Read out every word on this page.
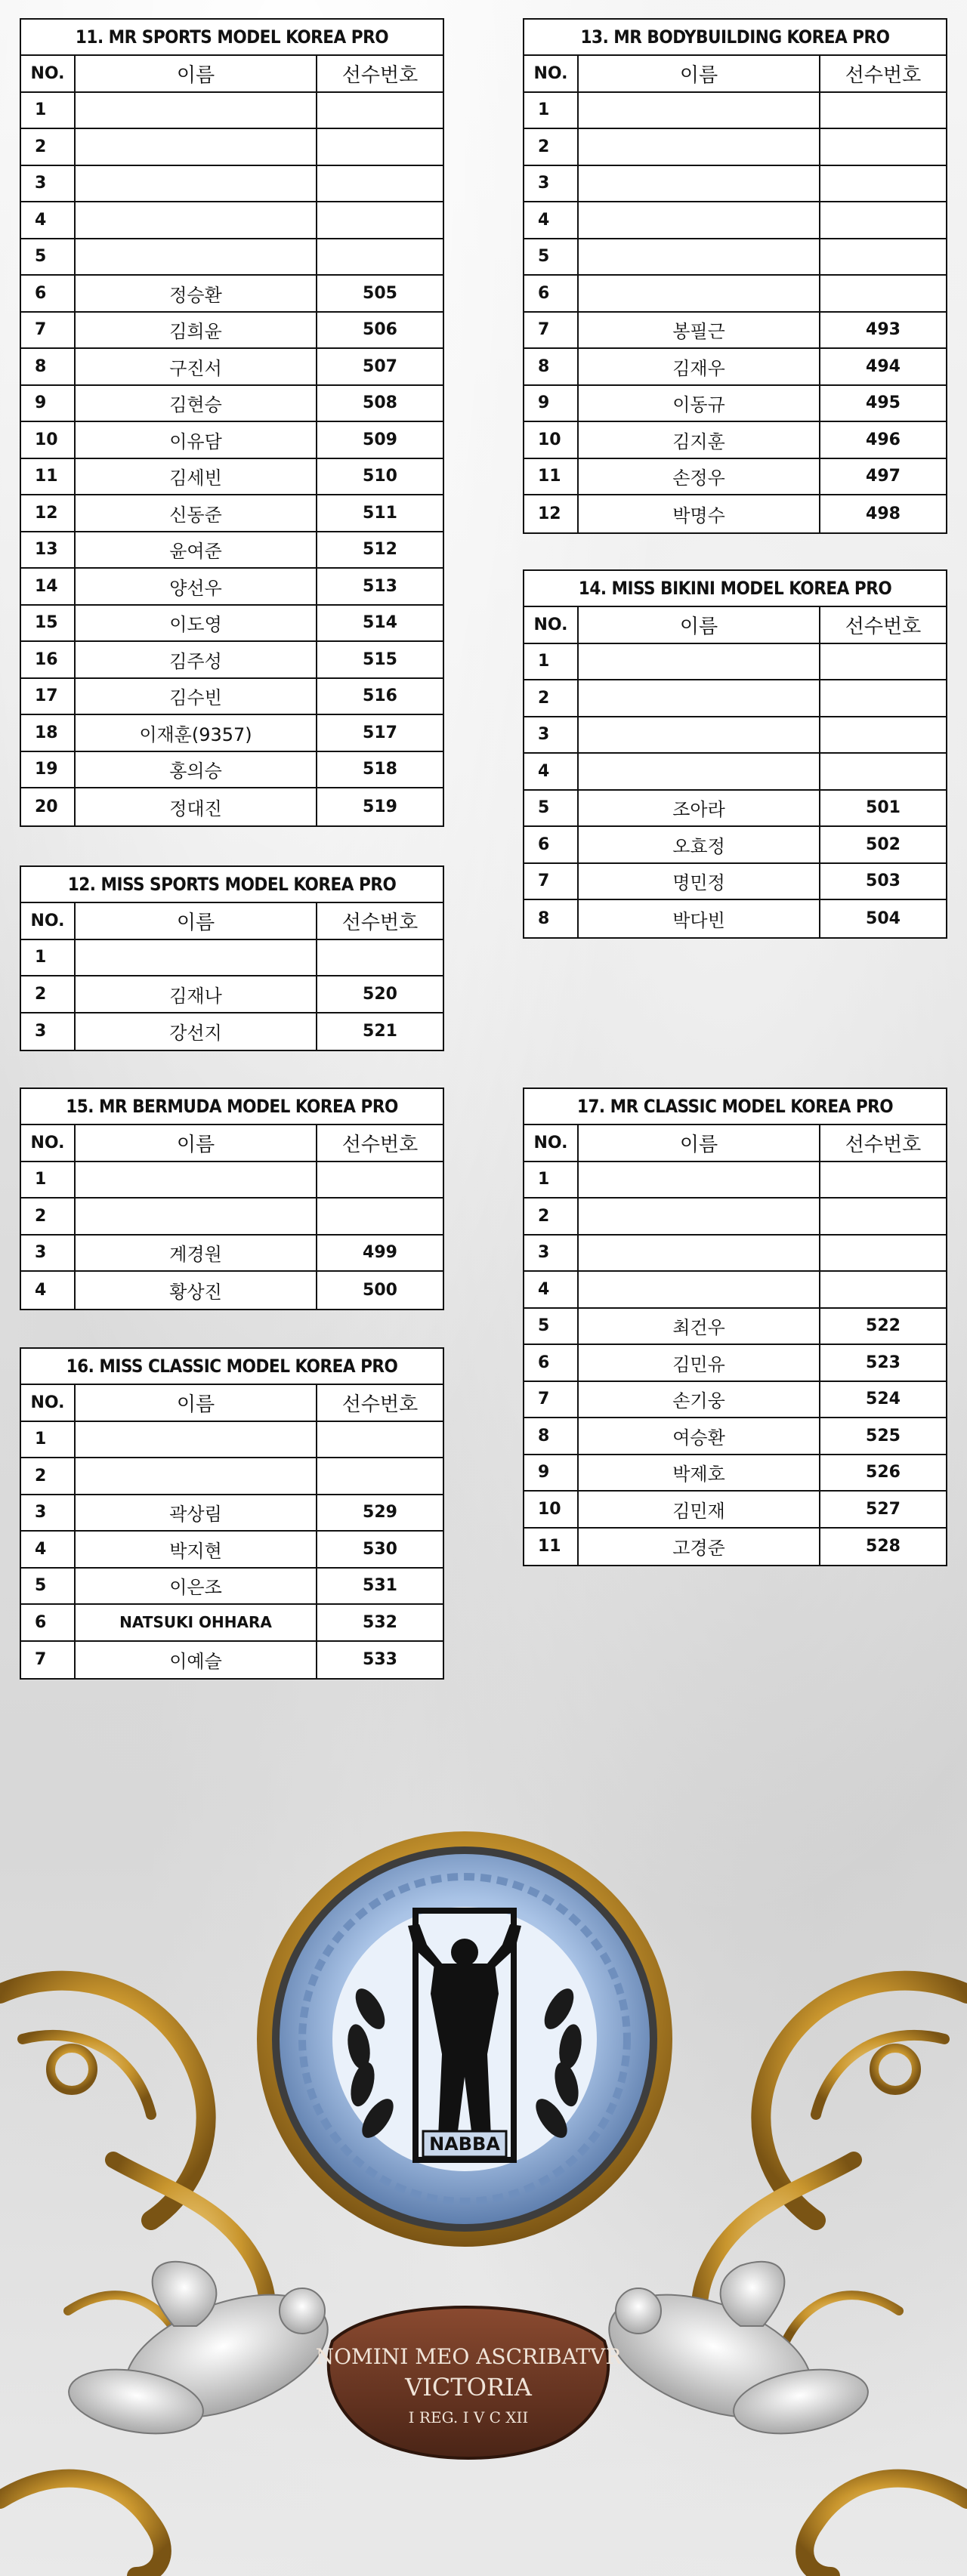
11. MR SPORTS MODEL KOREA PRO
NO.	이름	선수번호
1
2
3
4
5
6	정승환	505
7	김희윤	506
8	구진서	507
9	김현승	508
10	이유담	509
11	김세빈	510
12	신동준	511
13	윤여준	512
14	양선우	513
15	이도영	514
16	김주성	515
17	김수빈	516
18	이재훈(9357)	517
19	홍의승	518
20	정대진	519
12. MISS SPORTS MODEL KOREA PRO
NO.	이름	선수번호
1
2	김재나	520
3	강선지	521
13. MR BODYBUILDING KOREA PRO
NO.	이름	선수번호
1
2
3
4
5
6
7	봉필근	493
8	김재우	494
9	이동규	495
10	김지훈	496
11	손정우	497
12	박명수	498
14. MISS BIKINI MODEL KOREA PRO
NO.	이름	선수번호
1
2
3
4
5	조아라	501
6	오효정	502
7	명민정	503
8	박다빈	504
15. MR BERMUDA MODEL KOREA PRO
NO.	이름	선수번호
1
2
3	계경원	499
4	황상진	500
16. MISS CLASSIC MODEL KOREA PRO
NO.	이름	선수번호
1
2
3	곽상림	529
4	박지현	530
5	이은조	531
6	NATSUKI OHHARA	532
7	이예슬	533
17. MR CLASSIC MODEL KOREA PRO
NO.	이름	선수번호
1
2
3
4
5	최건우	522
6	김민유	523
7	손기웅	524
8	여승환	525
9	박제호	526
10	김민재	527
11	고경준	528
NABBA
NOMINI MEO ASCRIBATVR
VICTORIA
I REG. I V C XII
